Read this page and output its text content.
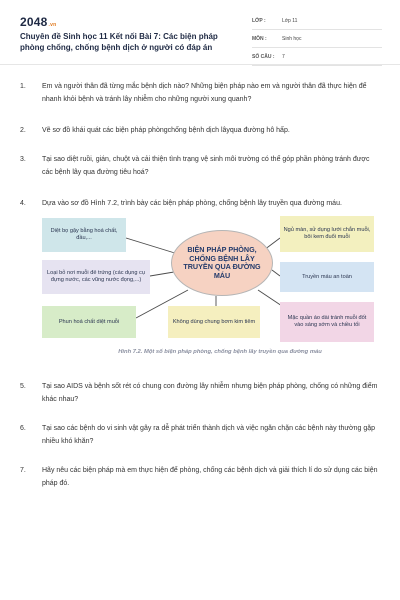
2048.vn
Chuyên đề Sinh học 11 Kết nối Bài 7: Các biện pháp phòng chống, chống bệnh dịch ở người có đáp án
LỚP :	Lớp 11
MÔN :	Sinh học
SỐ CÂU : 7
1.	Em và người thân đã từng mắc bệnh dịch nào? Những biện pháp nào em và người thân đã thực hiện để nhanh khỏi bệnh và tránh lây nhiễm cho những người xung quanh?
2.	Vẽ sơ đồ khái quát các biện pháp phòngchống bệnh dịch lâyqua đường hô hấp.
3.	Tại sao diệt ruồi, gián, chuột và cải thiện tình trạng vệ sinh môi trường có thể góp phần phòng tránh được các bệnh lây qua đường tiêu hoá?
4.	Dựa vào sơ đồ Hình 7.2, trình bày các biện pháp phòng, chống bệnh lây truyền qua đường máu.
Diệt bọ gậy bằng hoá chất, đầu,...
Loại bỏ nơi muỗi đẻ trứng (các dụng cụ đựng nước, các vũng nước đọng,...)
Phun hoá chất diệt muỗi	Không dùng chung bơm kim tiêm
Ngủ màn, sử dụng lưới chắn muỗi, bôi kem đuổi muỗi
Truyền máu an toàn
Mặc quần áo dài tránh muỗi đốt vào sáng sớm và chiều tối
BIỆN PHÁP PHÒNG, CHỐNG BỆNH LÂY TRUYỀN QUA ĐƯỜNG MÁU
Hình 7.2. Một số biện pháp phòng, chống bệnh lây truyền qua đường máu
5.	Tại sao AIDS và bệnh sốt rét có chung con đường lây nhiễm nhưng biện pháp phòng, chống có những điểm khác nhau?
6.	Tại sao các bệnh do vi sinh vật gây ra dễ phát triển thành dịch và việc ngăn chặn các bệnh này thường gặp nhiều khó khăn?
7.	Hãy nêu các biện pháp mà em thực hiện để phòng, chống các bệnh dịch và giải thích lí do sử dụng các biện pháp đó.
